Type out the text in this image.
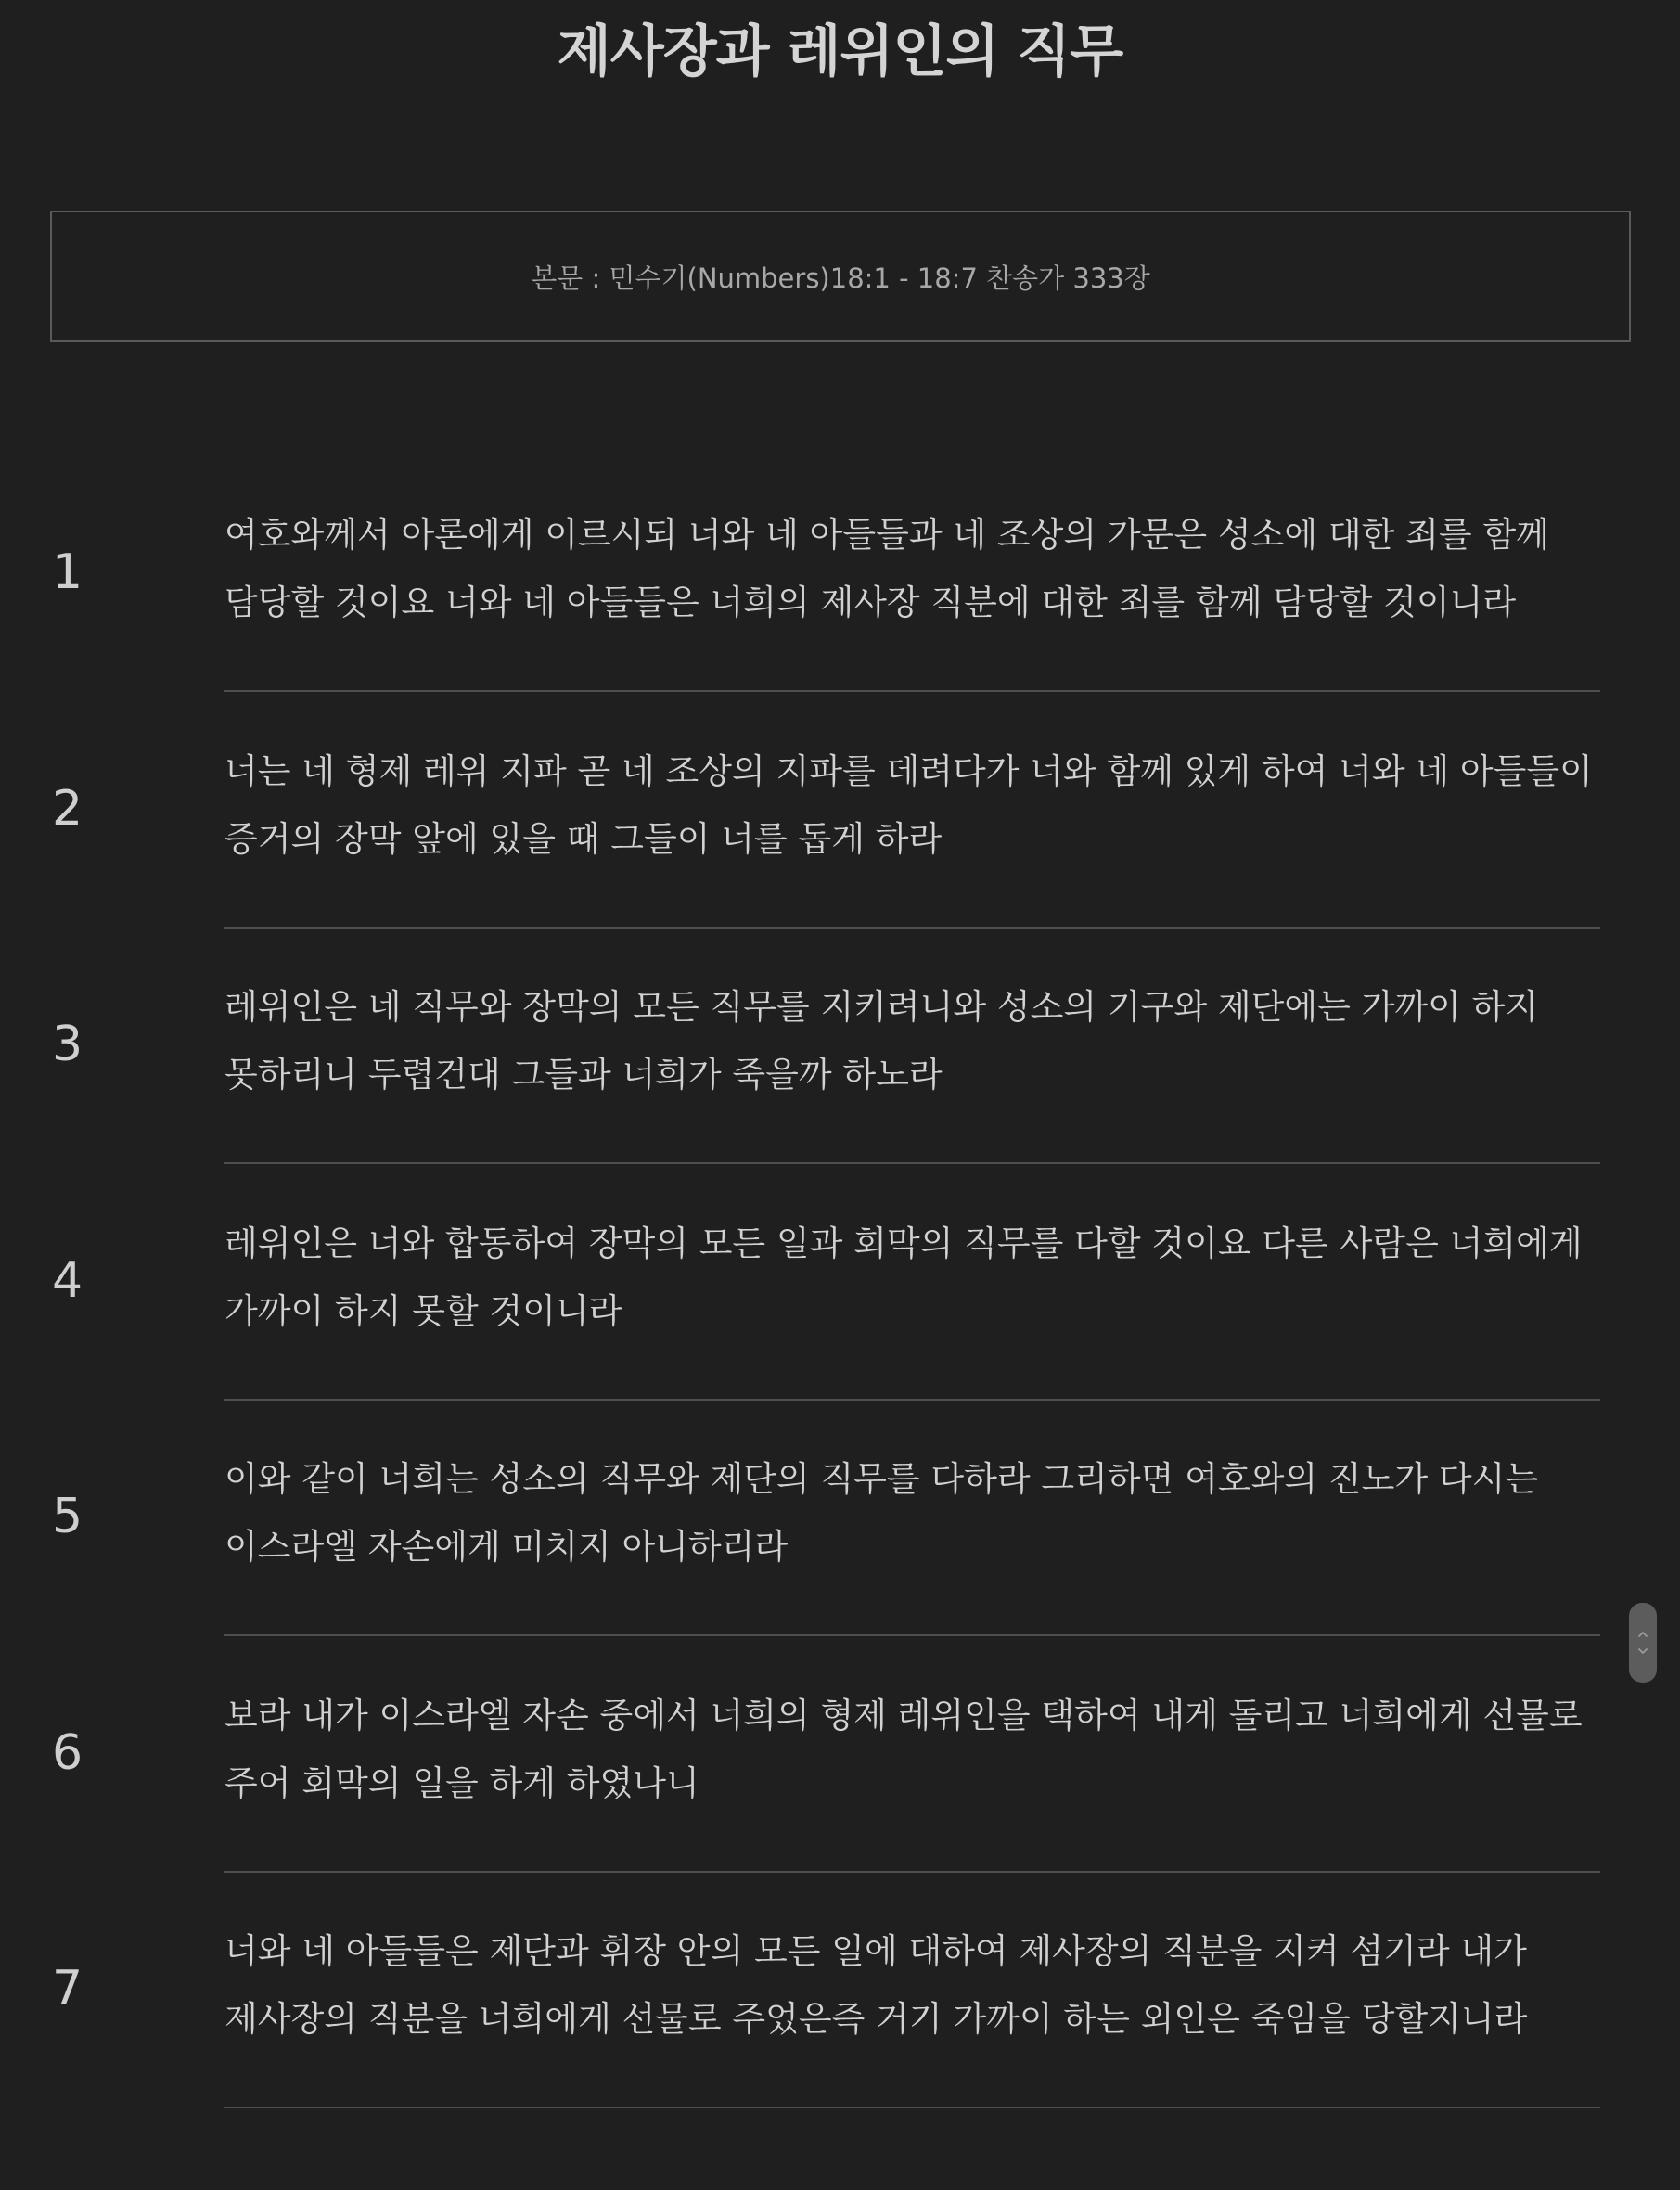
제사장과 레위인의 직무
본문 : 민수기(Numbers)18:1 - 18:7 찬송가 333장
1
여호와께서 아론에게 이르시되 너와 네 아들들과 네 조상의 가문은 성소에 대한 죄를 함께 담당할 것이요 너와 네 아들들은 너희의 제사장 직분에 대한 죄를 함께 담당할 것이니라
2
너는 네 형제 레위 지파 곧 네 조상의 지파를 데려다가 너와 함께 있게 하여 너와 네 아들들이 증거의 장막 앞에 있을 때 그들이 너를 돕게 하라
3
레위인은 네 직무와 장막의 모든 직무를 지키려니와 성소의 기구와 제단에는 가까이 하지 못하리니 두렵건대 그들과 너희가 죽을까 하노라
4
레위인은 너와 합동하여 장막의 모든 일과 회막의 직무를 다할 것이요 다른 사람은 너희에게 가까이 하지 못할 것이니라
5
이와 같이 너희는 성소의 직무와 제단의 직무를 다하라 그리하면 여호와의 진노가 다시는 이스라엘 자손에게 미치지 아니하리라
6
보라 내가 이스라엘 자손 중에서 너희의 형제 레위인을 택하여 내게 돌리고 너희에게 선물로 주어 회막의 일을 하게 하였나니
7
너와 네 아들들은 제단과 휘장 안의 모든 일에 대하여 제사장의 직분을 지켜 섬기라 내가 제사장의 직분을 너희에게 선물로 주었은즉 거기 가까이 하는 외인은 죽임을 당할지니라
